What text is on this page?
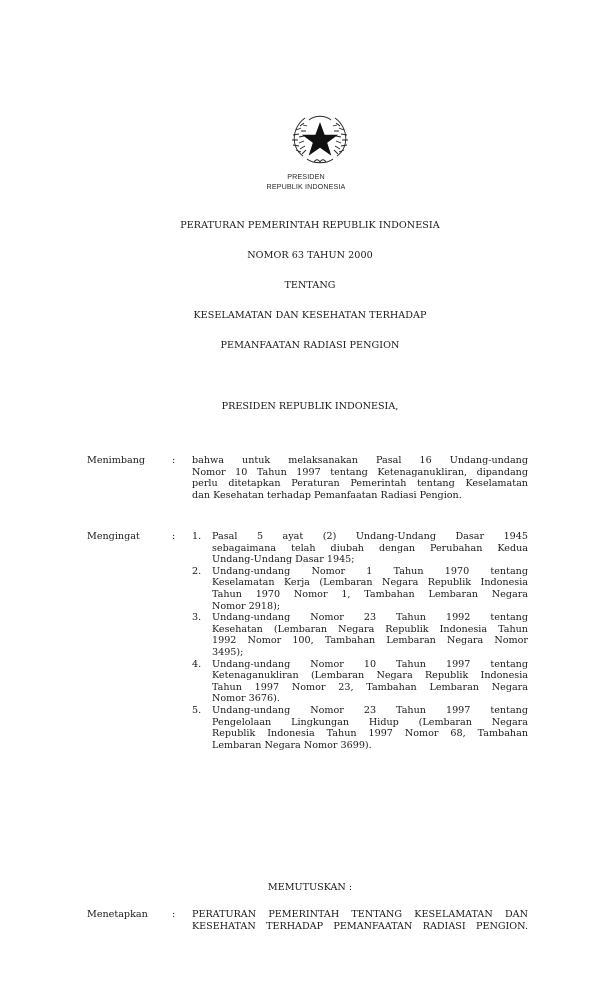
PRESIDEN
REPUBLIK INDONESIA
PERATURAN PEMERINTAH REPUBLIK INDONESIA
NOMOR 63 TAHUN 2000
TENTANG
KESELAMATAN DAN KESEHATAN TERHADAP
PEMANFAATAN RADIASI PENGION
PRESIDEN REPUBLIK INDONESIA,
Menimbang	: bahwa untuk melaksanakan Pasal 16 Undang-undang
Nomor 10 Tahun 1997 tentang Ketenaganukliran, dipandang
perlu ditetapkan Peraturan Pemerintah tentang Keselamatan
dan Kesehatan terhadap Pemanfaatan Radiasi Pengion.
Mengingat	: 1. Pasal 5 ayat (2) Undang-Undang Dasar 1945
sebagaimana telah diubah dengan Perubahan Kedua
Undang-Undang Dasar 1945;
2. Undang-undang Nomor 1 Tahun 1970 tentang
Keselamatan Kerja (Lembaran Negara Republik Indonesia
Tahun 1970 Nomor 1, Tambahan Lembaran Negara
Nomor 2918);
3. Undang-undang Nomor 23 Tahun 1992 tentang
Kesehatan (Lembaran Negara Republik Indonesia Tahun
1992 Nomor 100, Tambahan Lembaran Negara Nomor
3495);
4. Undang-undang Nomor 10 Tahun 1997 tentang
Ketenaganukliran (Lembaran Negara Republik Indonesia
Tahun 1997 Nomor 23, Tambahan Lembaran Negara
Nomor 3676).
5. Undang-undang Nomor 23 Tahun 1997 tentang
Pengelolaan Lingkungan Hidup (Lembaran Negara
Republik Indonesia Tahun 1997 Nomor 68, Tambahan
Lembaran Negara Nomor 3699).
MEMUTUSKAN :
Menetapkan	: PERATURAN PEMERINTAH TENTANG KESELAMATAN DAN
KESEHATAN TERHADAP PEMANFAATAN RADIASI PENGION.
